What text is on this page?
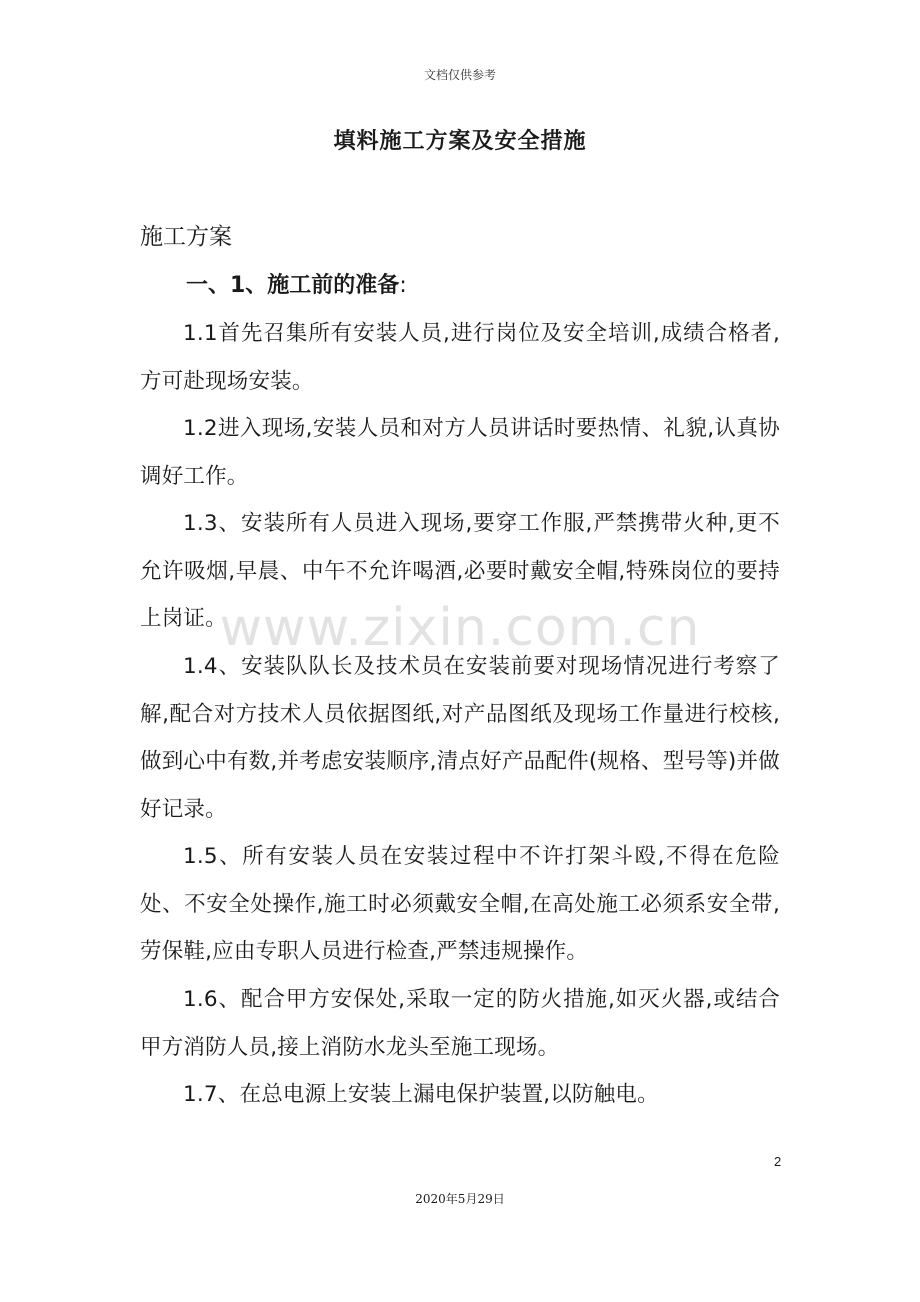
文档仅供参考
填料施工方案及安全措施
施工方案
一、1、施工前的准备:

1.1首先召集所有安装人员,进行岗位及安全培训,成绩合格者,方可赴现场安装。

1.2进入现场,安装人员和对方人员讲话时要热情、礼貌,认真协调好工作。

1.3、安装所有人员进入现场,要穿工作服,严禁携带火种,更不允许吸烟,早晨、中午不允许喝酒,必要时戴安全帽,特殊岗位的要持上岗证。

1.4、安装队队长及技术员在安装前要对现场情况进行考察了解,配合对方技术人员依据图纸,对产品图纸及现场工作量进行校核,做到心中有数,并考虑安装顺序,清点好产品配件(规格、型号等)并做好记录。

1.5、所有安装人员在安装过程中不许打架斗殴,不得在危险处、不安全处操作,施工时必须戴安全帽,在高处施工必须系安全带,劳保鞋,应由专职人员进行检查,严禁违规操作。

1.6、配合甲方安保处,采取一定的防火措施,如灭火器,或结合甲方消防人员,接上消防水龙头至施工现场。

1.7、在总电源上安装上漏电保护装置,以防触电。

www.zixin.com.cn
2
2020年5月29日
